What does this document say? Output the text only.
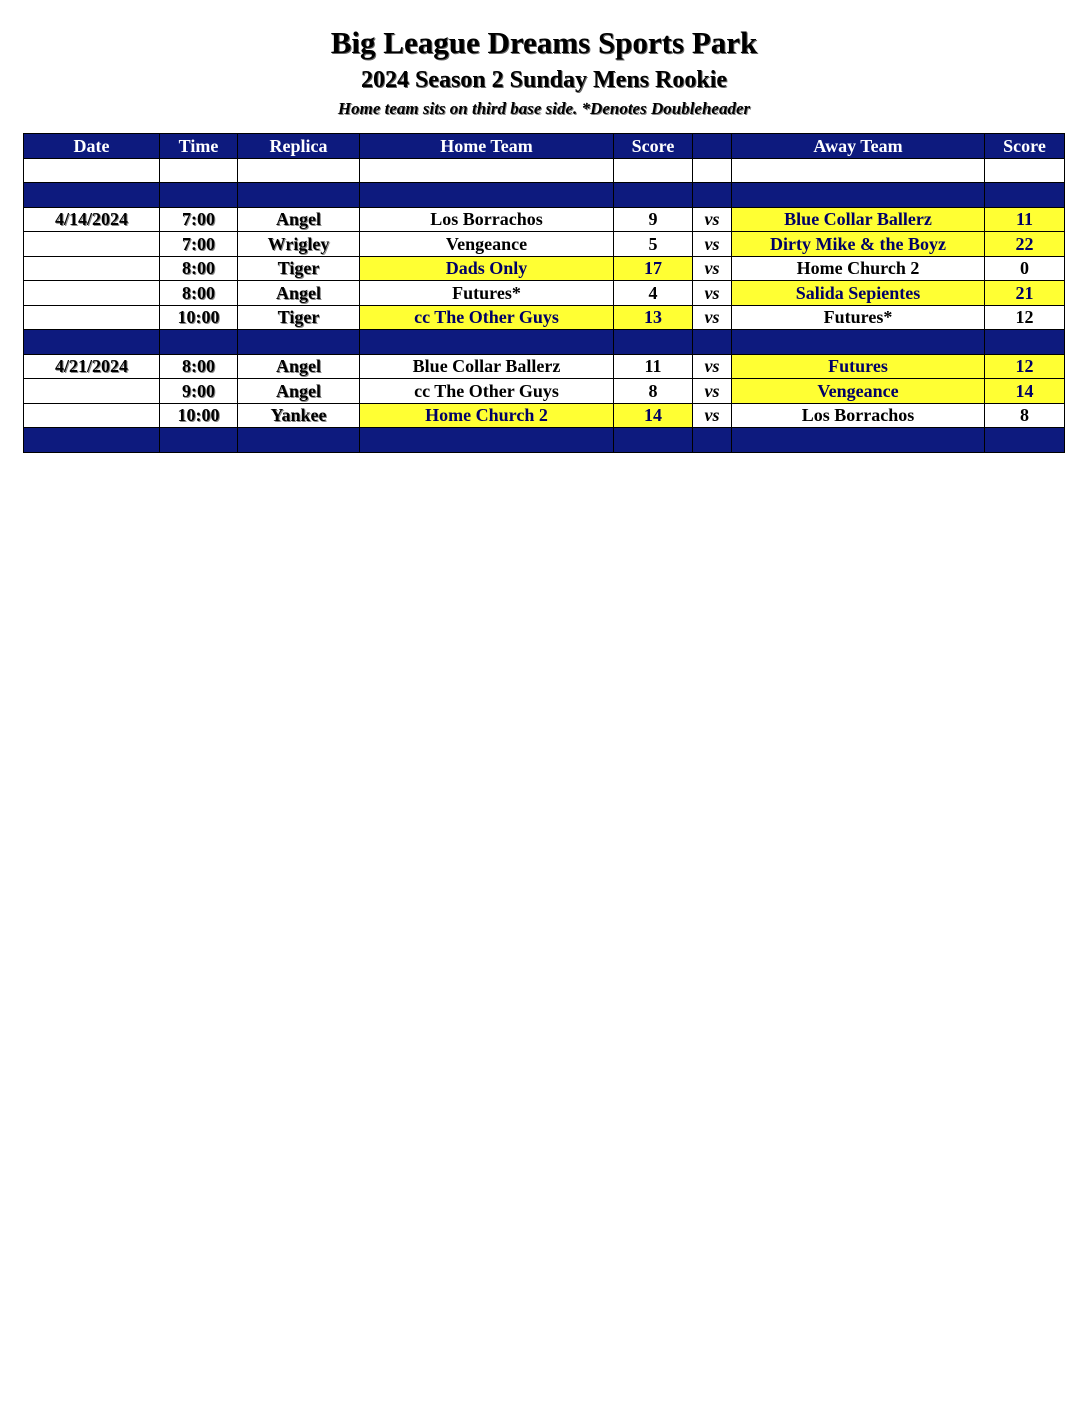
Big League Dreams Sports Park
2024 Season 2 Sunday Mens Rookie
Home team sits on third base side. *Denotes Doubleheader
Date	Time	Replica	Home Team	Score		Away Team	Score

4/14/2024	7:00	Angel	Los Borrachos	9	vs	Blue Collar Ballerz	11
	7:00	Wrigley	Vengeance	5	vs	Dirty Mike & the Boyz	22
	8:00	Tiger	Dads Only	17	vs	Home Church 2	0
	8:00	Angel	Futures*	4	vs	Salida Sepientes	21
	10:00	Tiger	cc The Other Guys	13	vs	Futures*	12

4/21/2024	8:00	Angel	Blue Collar Ballerz	11	vs	Futures	12
	9:00	Angel	cc The Other Guys	8	vs	Vengeance	14
	10:00	Yankee	Home Church 2	14	vs	Los Borrachos	8
